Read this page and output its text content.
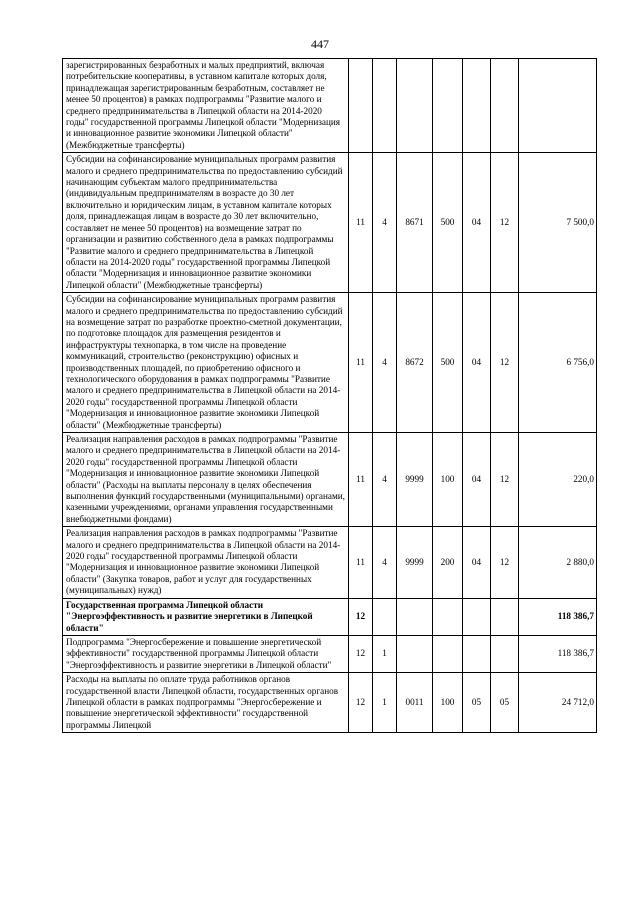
447
зарегистрированных безработных и малых предприятий, включая потребительские кооперативы, в уставном капитале которых доля, принадлежащая зарегистрированным безработным, составляет не менее 50 процентов) в рамках подпрограммы "Развитие малого и среднего предпринимательства в Липецкой области на 2014-2020 годы" государственной программы Липецкой области "Модернизация и инновационное развитие экономики Липецкой области" (Межбюджетные трансферты)							
Субсидии на софинансирование муниципальных программ развития малого и среднего предпринимательства по предоставлению субсидий начинающим субъектам малого предпринимательства (индивидуальным предпринимателям в возрасте до 30 лет включительно и юридическим лицам, в уставном капитале которых доля, принадлежащая лицам в возрасте до 30 лет включительно, составляет не менее 50 процентов) на возмещение затрат по организации и развитию собственного дела в рамках подпрограммы "Развитие малого и среднего предпринимательства в Липецкой области на 2014-2020 годы" государственной программы Липецкой области "Модернизация и инновационное развитие экономики Липецкой области" (Межбюджетные трансферты)	11	4	8671	500	04	12	7 500,0
Субсидии на софинансирование муниципальных программ развития малого и среднего предпринимательства по предоставлению субсидий на возмещение затрат по разработке проектно-сметной документации, по подготовке площадок для размещения резидентов и инфраструктуры технопарка, в том числе на проведение коммуникаций, строительство (реконструкцию) офисных и производственных площадей, по приобретению офисного и технологического оборудования в рамках подпрограммы "Развитие малого и среднего предпринимательства в Липецкой области на 2014-2020 годы" государственной программы Липецкой области "Модернизация и инновационное развитие экономики Липецкой области" (Межбюджетные трансферты)	11	4	8672	500	04	12	6 756,0
Реализация направления расходов в рамках подпрограммы "Развитие малого и среднего предпринимательства в Липецкой области на 2014-2020 годы" государственной программы Липецкой области "Модернизация и инновационное развитие экономики Липецкой области" (Расходы на выплаты персоналу в целях обеспечения выполнения функций государственными (муниципальными) органами, казенными учреждениями, органами управления государственными внебюджетными фондами)	11	4	9999	100	04	12	220,0
Реализация направления расходов в рамках подпрограммы "Развитие малого и среднего предпринимательства в Липецкой области на 2014-2020 годы" государственной программы Липецкой области "Модернизация и инновационное развитие экономики Липецкой области" (Закупка товаров, работ и услуг для государственных (муниципальных) нужд)	11	4	9999	200	04	12	2 880,0
Государственная программа Липецкой области "Энергоэффективность и развитие энергетики в Липецкой области"	12						118 386,7
Подпрограмма "Энергосбережение и повышение энергетической эффективности" государственной программы Липецкой области "Энергоэффективность и развитие энергетики в Липецкой области"	12	1					118 386,7
Расходы на выплаты по оплате труда работников органов государственной власти Липецкой области, государственных органов Липецкой области в рамках подпрограммы "Энергосбережение и повышение энергетической эффективности" государственной программы Липецкой	12	1	0011	100	05	05	24 712,0
